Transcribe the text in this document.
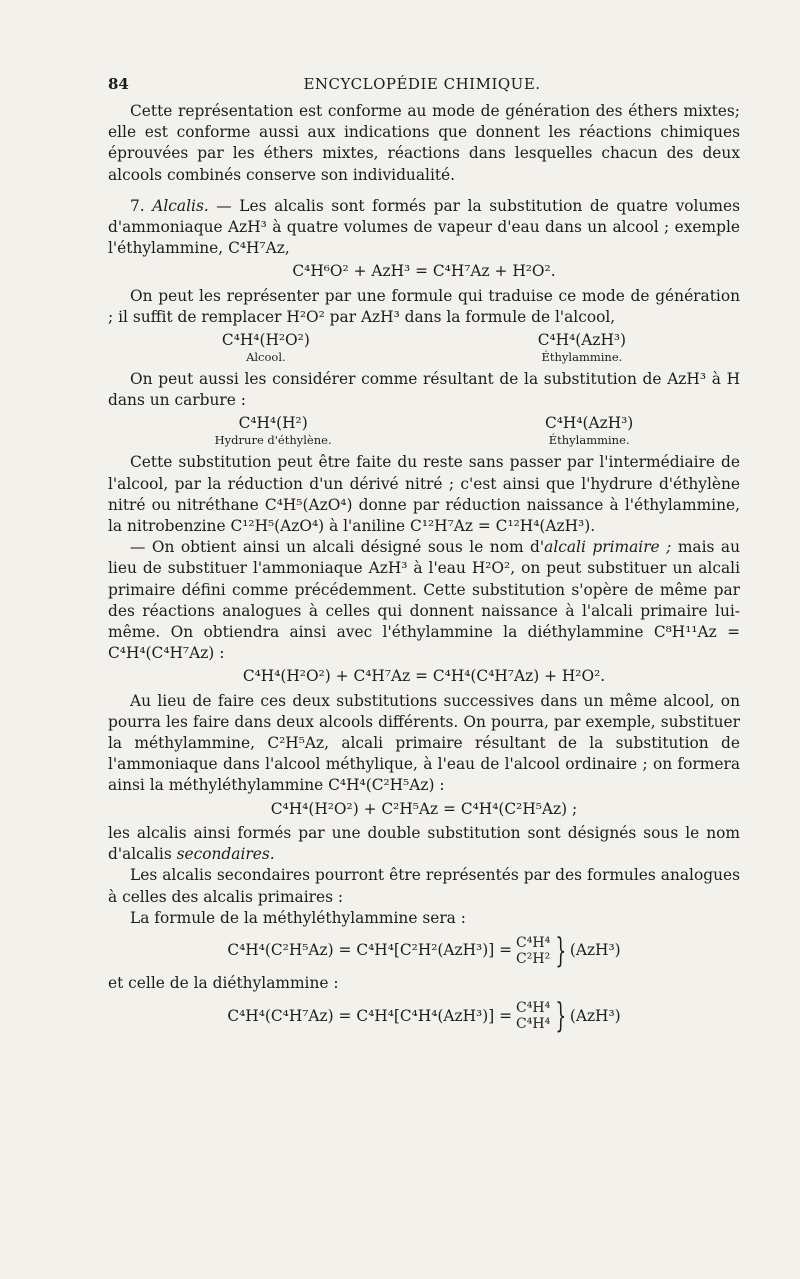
84	ENCYCLOPÉDIE CHIMIQUE.

Cette représentation est conforme au mode de génération des éthers mixtes; elle est conforme aussi aux indications que donnent les réactions chimiques éprouvées par les éthers mixtes, réactions dans lesquelles chacun des deux alcools combinés conserve son individualité.

7. Alcalis. — Les alcalis sont formés par la substitution de quatre volumes d'ammoniaque AzH³ à quatre volumes de vapeur d'eau dans un alcool ; exemple l'éthylammine, C⁴H⁷Az,

C⁴H⁶O² + AzH³ = C⁴H⁷Az + H²O².

On peut les représenter par une formule qui traduise ce mode de génération ; il suffit de remplacer H²O² par AzH³ dans la formule de l'alcool,

C⁴H⁴(H²O²)
Alcool.
C⁴H⁴(AzH³)
Éthylammine.

On peut aussi les considérer comme résultant de la substitution de AzH³ à H dans un carbure :

C⁴H⁴(H²)
Hydrure d'éthylène.
C⁴H⁴(AzH³)
Éthylammine.

Cette substitution peut être faite du reste sans passer par l'intermédiaire de l'alcool, par la réduction d'un dérivé nitré ; c'est ainsi que l'hydrure d'éthylène nitré ou nitréthane C⁴H⁵(AzO⁴) donne par réduction naissance à l'éthylammine, la nitrobenzine C¹²H⁵(AzO⁴) à l'aniline C¹²H⁷Az = C¹²H⁴(AzH³).

— On obtient ainsi un alcali désigné sous le nom d'alcali primaire ; mais au lieu de substituer l'ammoniaque AzH³ à l'eau H²O², on peut substituer un alcali primaire défini comme précédemment. Cette substitution s'opère de même par des réactions analogues à celles qui donnent naissance à l'alcali primaire lui-même. On obtiendra ainsi avec l'éthylammine la diéthylammine C⁸H¹¹Az = C⁴H⁴(C⁴H⁷Az) :

C⁴H⁴(H²O²) + C⁴H⁷Az = C⁴H⁴(C⁴H⁷Az) + H²O².

Au lieu de faire ces deux substitutions successives dans un même alcool, on pourra les faire dans deux alcools différents. On pourra, par exemple, substituer la méthylammine, C²H⁵Az, alcali primaire résultant de la substitution de l'ammoniaque dans l'alcool méthylique, à l'eau de l'alcool ordinaire ; on formera ainsi la méthyléthylammine C⁴H⁴(C²H⁵Az) :

C⁴H⁴(H²O²) + C²H⁵Az = C⁴H⁴(C²H⁵Az) ;

les alcalis ainsi formés par une double substitution sont désignés sous le nom d'alcalis secondaires.

Les alcalis secondaires pourront être représentés par des formules analogues à celles des alcalis primaires :

La formule de la méthyléthylammine sera :

C⁴H⁴(C²H⁵Az) = C⁴H⁴[C²H²(AzH³)] = C⁴H⁴
C²H² } (AzH³)

et celle de la diéthylammine :

C⁴H⁴(C⁴H⁷Az) = C⁴H⁴[C⁴H⁴(AzH³)] = C⁴H⁴
C⁴H⁴ } (AzH³)
